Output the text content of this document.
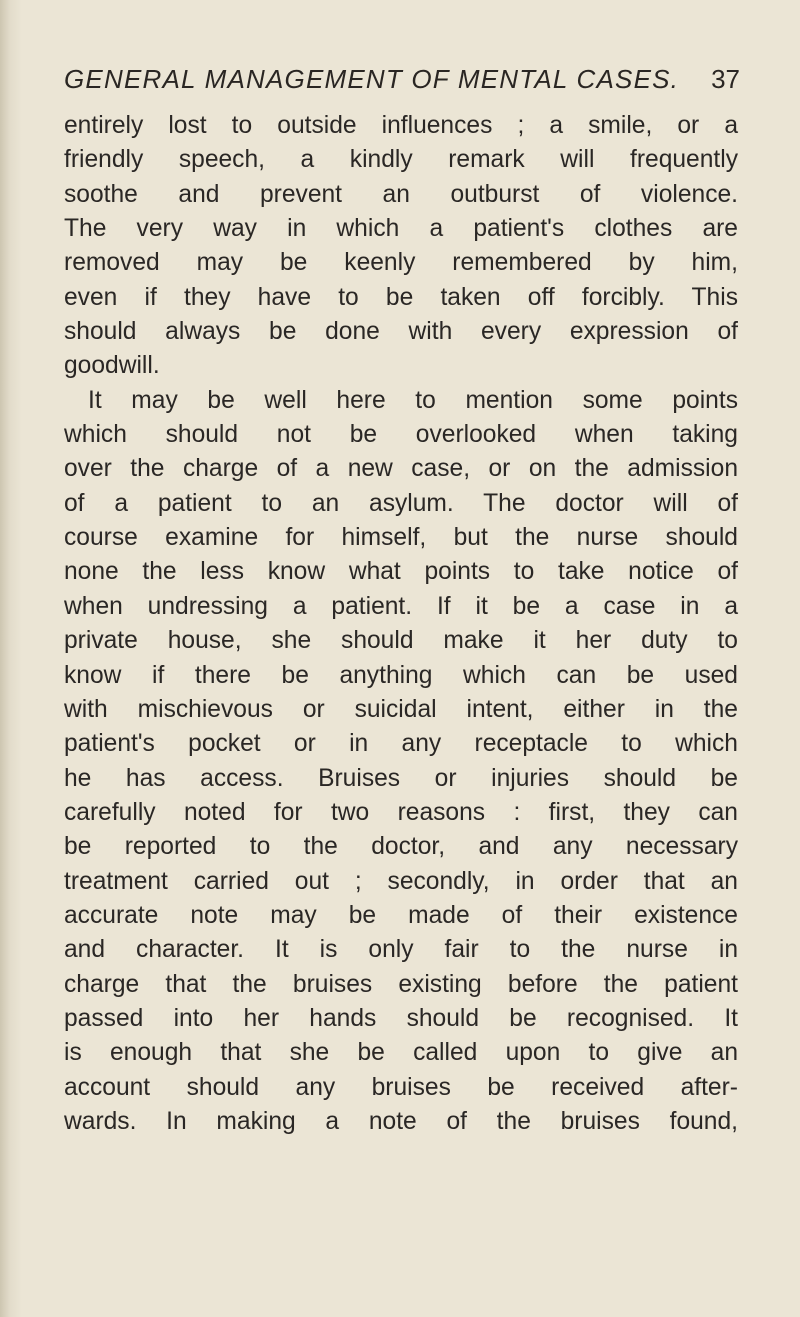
GENERAL MANAGEMENT OF MENTAL CASES. 37
entirely lost to outside influences ; a smile, or a
friendly speech, a kindly remark will frequently
soothe and prevent an outburst of violence.
The very way in which a patient's clothes are
removed may be keenly remembered by him,
even if they have to be taken off forcibly. This
should always be done with every expression of
goodwill.
It may be well here to mention some points
which should not be overlooked when taking
over the charge of a new case, or on the admission
of a patient to an asylum. The doctor will of
course examine for himself, but the nurse should
none the less know what points to take notice of
when undressing a patient. If it be a case in a
private house, she should make it her duty to
know if there be anything which can be used
with mischievous or suicidal intent, either in the
patient's pocket or in any receptacle to which
he has access. Bruises or injuries should be
carefully noted for two reasons : first, they can
be reported to the doctor, and any necessary
treatment carried out ; secondly, in order that an
accurate note may be made of their existence
and character. It is only fair to the nurse in
charge that the bruises existing before the patient
passed into her hands should be recognised. It
is enough that she be called upon to give an
account should any bruises be received after-
wards. In making a note of the bruises found,
